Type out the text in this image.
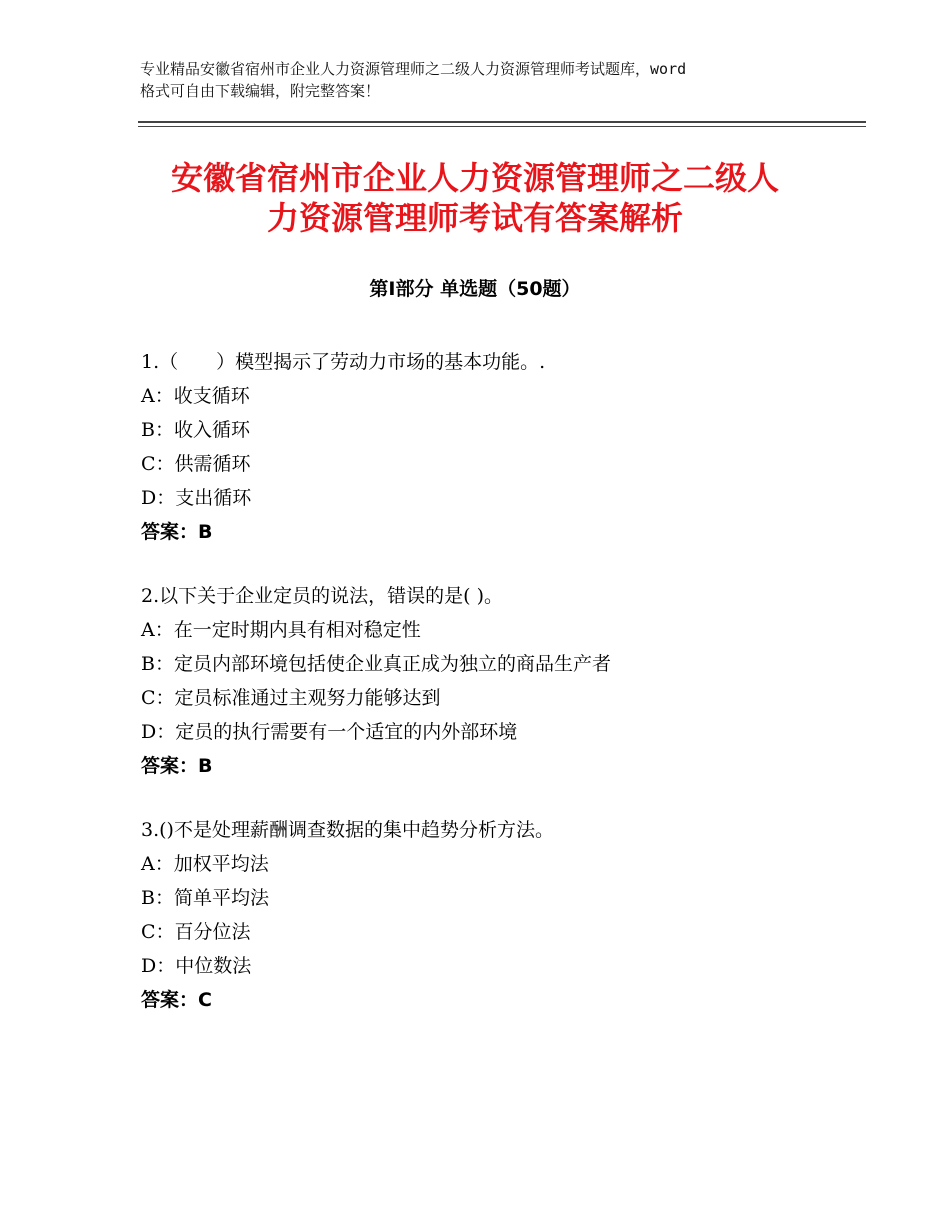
专业精品安徽省宿州市企业人力资源管理师之二级人力资源管理师考试题库，word
格式可自由下载编辑，附完整答案！
安徽省宿州市企业人力资源管理师之二级人
力资源管理师考试有答案解析
第Ⅰ部分 单选题（50题）
1.（　　）模型揭示了劳动力市场的基本功能。.
A：收支循环
B：收入循环
C：供需循环
D：支出循环
答案：B
2.以下关于企业定员的说法，错误的是( )。
A：在一定时期内具有相对稳定性
B：定员内部环境包括使企业真正成为独立的商品生产者
C：定员标准通过主观努力能够达到
D：定员的执行需要有一个适宜的内外部环境
答案：B
3.()不是处理薪酬调查数据的集中趋势分析方法。
A：加权平均法
B：简单平均法
C：百分位法
D：中位数法
答案：C
